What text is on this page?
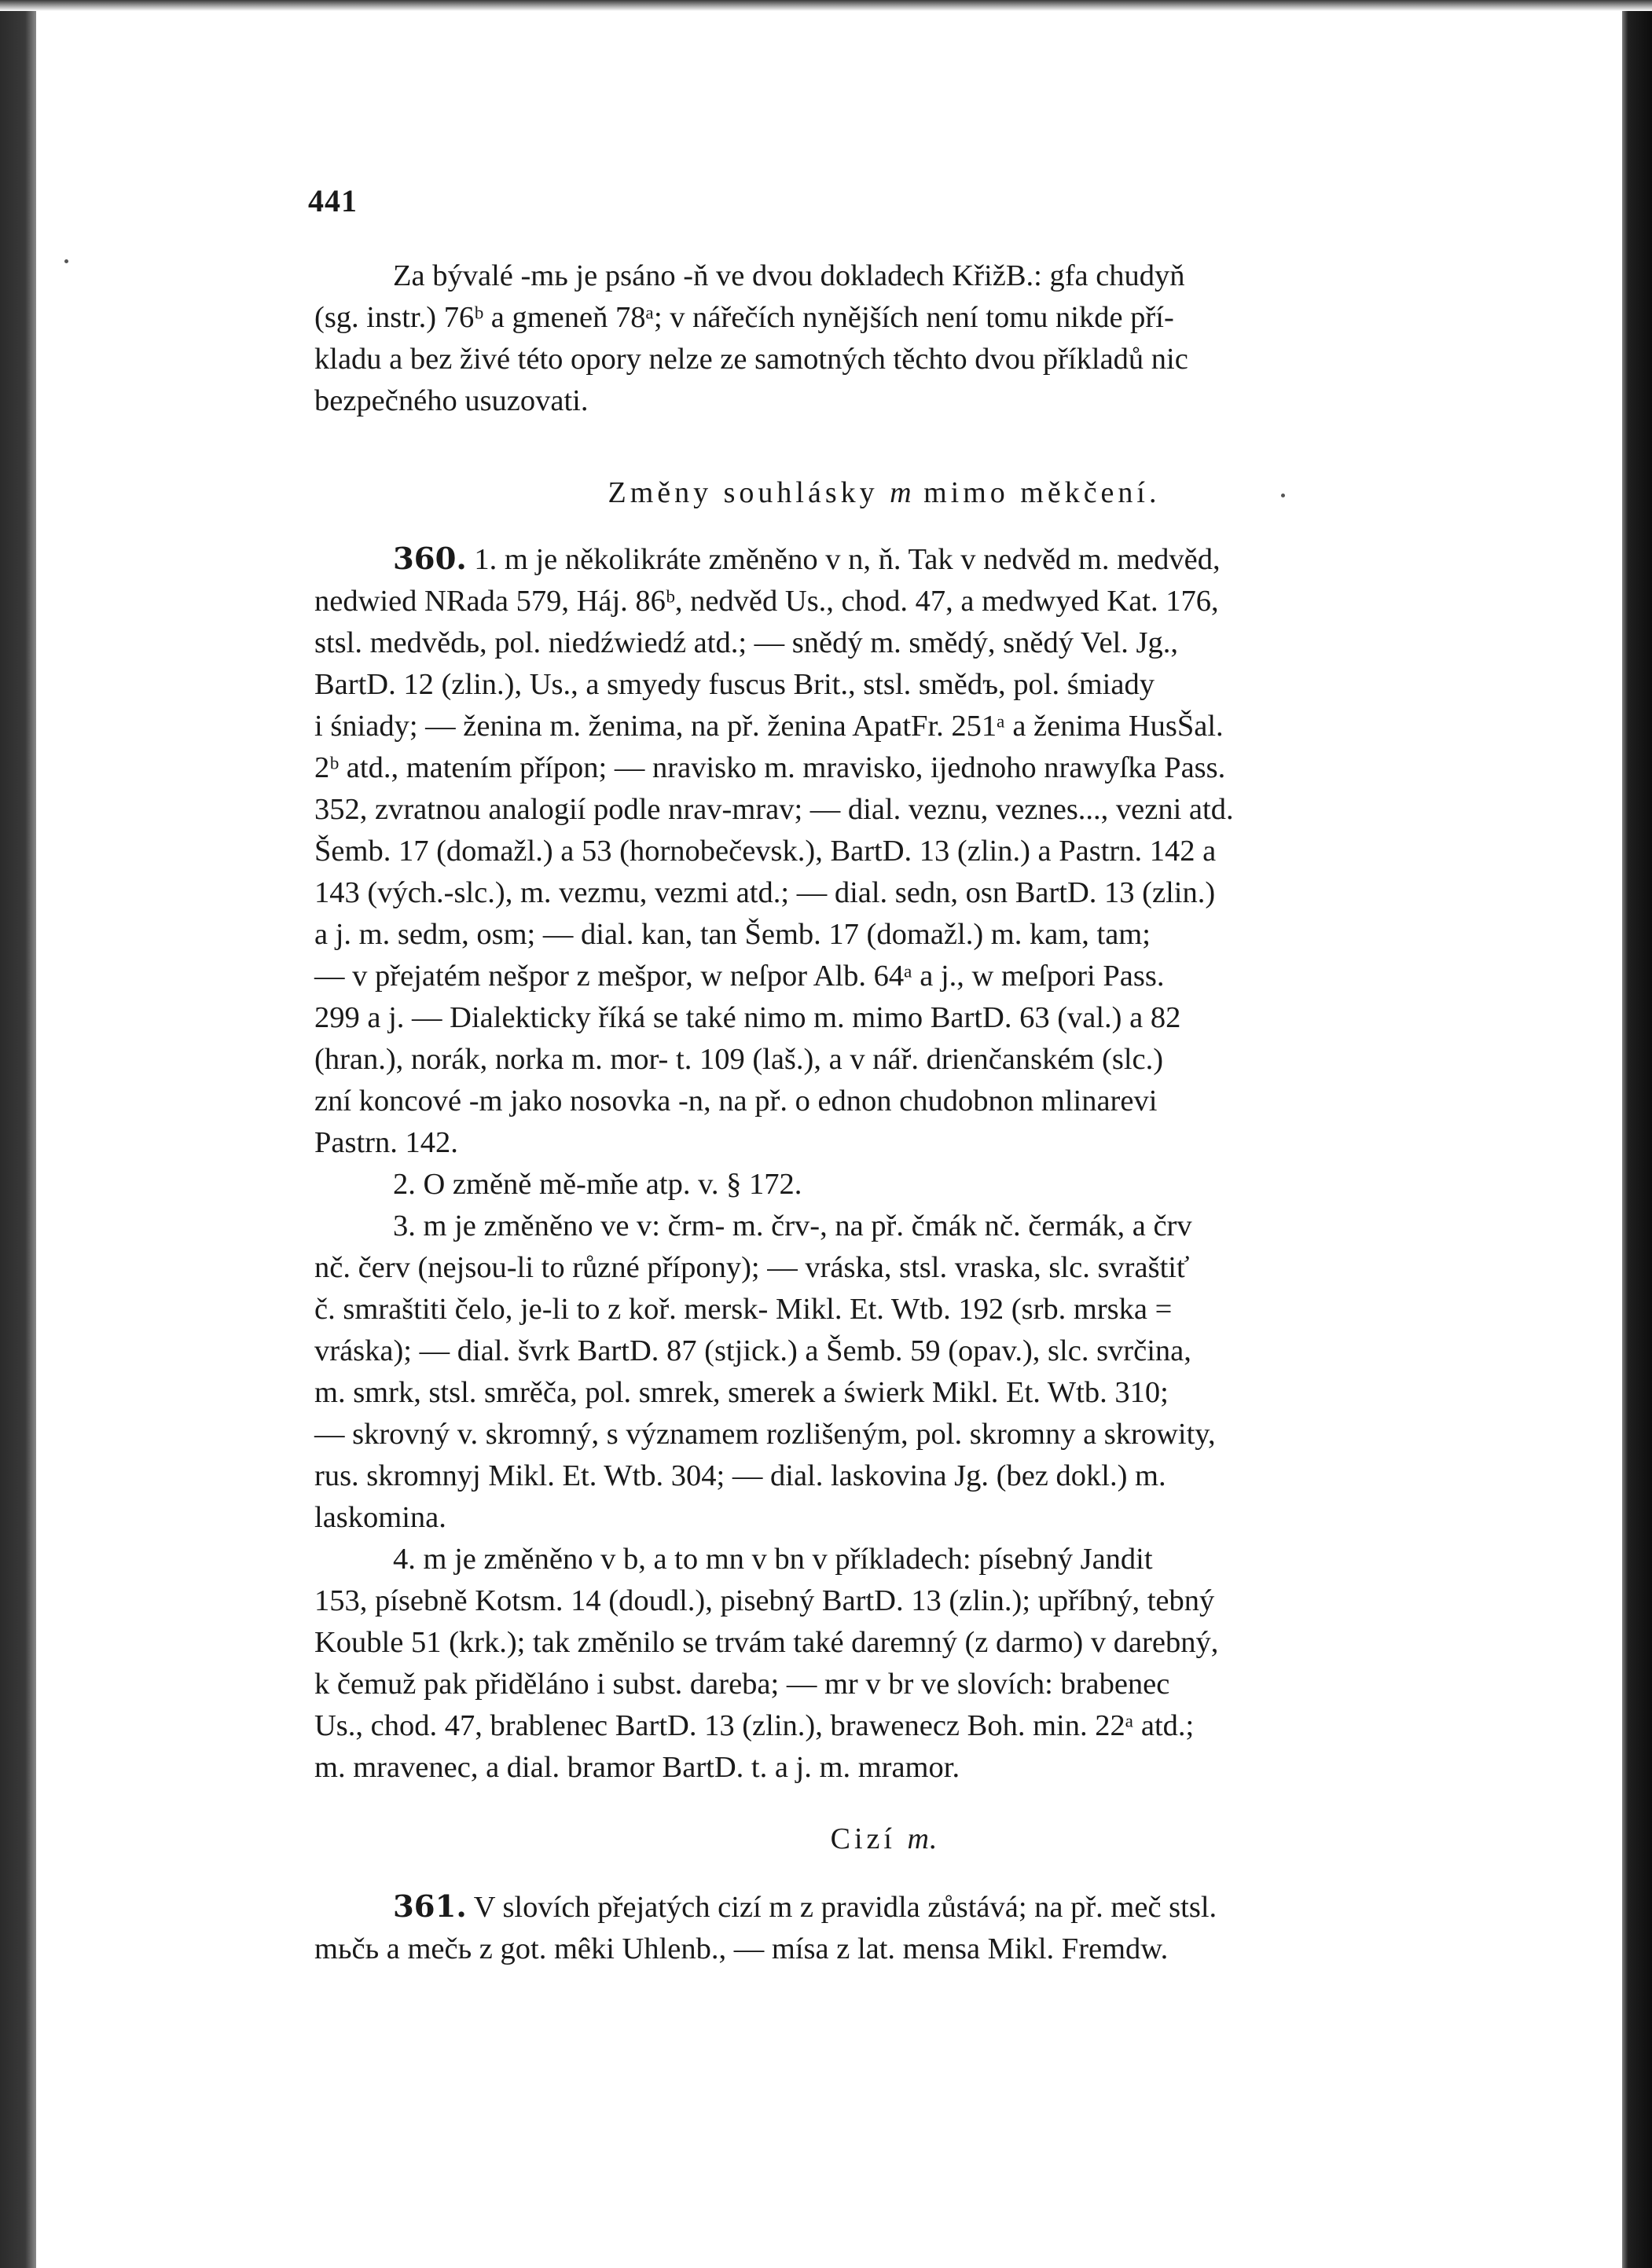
441

Za bývalé -mь je psáno -ň ve dvou dokladech KřižB.: gfa chudyň

(sg. instr.) 76ᵇ a gmeneň 78ᵃ; v nářečích nynějších není tomu nikde pří-

kladu a bez živé této opory nelze ze samotných těchto dvou příkladů nic

bezpečného usuzovati.

Změny souhlásky m mimo měkčení.

360. 1. m je několikráte změněno v n, ň. Tak v nedvěd m. medvěd,

nedwied NRada 579, Háj. 86ᵇ, nedvěd Us., chod. 47, a medwyed Kat. 176,

stsl. medvědь, pol. niedźwiedź atd.; — snědý m. smědý, snědý Vel. Jg.,

BartD. 12 (zlin.), Us., a smyedy fuscus Brit., stsl. smědъ, pol. śmiady

i śniady; — ženina m. ženima, na př. ženina ApatFr. 251ᵃ a ženima HusŠal.

2ᵇ atd., matením přípon; — nravisko m. mravisko, ijednoho nrawyſka Pass.

352, zvratnou analogií podle nrav-mrav; — dial. veznu, veznes..., vezni atd.

Šemb. 17 (domažl.) a 53 (hornobečevsk.), BartD. 13 (zlin.) a Pastrn. 142 a

143 (vých.-slc.), m. vezmu, vezmi atd.; — dial. sedn, osn BartD. 13 (zlin.)

a j. m. sedm, osm; — dial. kan, tan Šemb. 17 (domažl.) m. kam, tam;

— v přejatém nešpor z mešpor, w neſpor Alb. 64ᵃ a j., w meſpori Pass.

299 a j. — Dialekticky říká se také nimo m. mimo BartD. 63 (val.) a 82

(hran.), norák, norka m. mor- t. 109 (laš.), a v nář. drienčanském (slc.)

zní koncové -m jako nosovka -n, na př. o ednon chudobnon mlinarevi

Pastrn. 142.

2. O změně mě-mňe atp. v. § 172.

3. m je změněno ve v: črm- m. črv-, na př. čmák nč. čermák, a črv

nč. červ (nejsou-li to různé přípony); — vráska, stsl. vraska, slc. svraštiť

č. smraštiti čelo, je-li to z koř. mersk- Mikl. Et. Wtb. 192 (srb. mrska =

vráska); — dial. švrk BartD. 87 (stjick.) a Šemb. 59 (opav.), slc. svrčina,

m. smrk, stsl. smrěča, pol. smrek, smerek a świerk Mikl. Et. Wtb. 310;

— skrovný v. skromný, s významem rozlišeným, pol. skromny a skrowity,

rus. skromnyj Mikl. Et. Wtb. 304; — dial. laskovina Jg. (bez dokl.) m.

laskomina.

4. m je změněno v b, a to mn v bn v příkladech: písebný Jandit

153, písebně Kotsm. 14 (doudl.), pisebný BartD. 13 (zlin.); upříbný, tebný

Kouble 51 (krk.); tak změnilo se trvám také daremný (z darmo) v darebný,

k čemuž pak přiděláno i subst. dareba; — mr v br ve slovích: brabenec

Us., chod. 47, brablenec BartD. 13 (zlin.), brawenecz Boh. min. 22ᵃ atd.;

m. mravenec, a dial. bramor BartD. t. a j. m. mramor.

Cizí m.

361. V slovích přejatých cizí m z pravidla zůstává; na př. meč stsl.

mьčь a mečь z got. mêki Uhlenb., — mísa z lat. mensa Mikl. Fremdw.
